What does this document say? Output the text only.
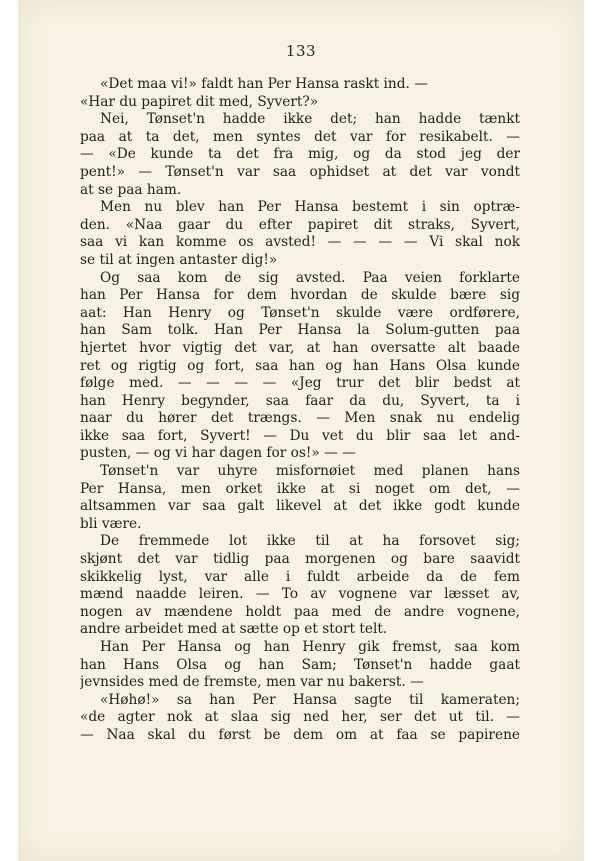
133
«Det maa vi!» faldt han Per Hansa raskt ind. —
«Har du papiret dit med, Syvert?»
Nei, Tønset'n hadde ikke det; han hadde tænkt
paa at ta det, men syntes det var for resikabelt. —
— «De kunde ta det fra mig, og da stod jeg der
pent!» — Tønset'n var saa ophidset at det var vondt
at se paa ham.
Men nu blev han Per Hansa bestemt i sin optræ-
den. «Naa gaar du efter papiret dit straks, Syvert,
saa vi kan komme os avsted! — — — — Vi skal nok
se til at ingen antaster dig!»
Og saa kom de sig avsted. Paa veien forklarte
han Per Hansa for dem hvordan de skulde bære sig
aat: Han Henry og Tønset'n skulde være ordførere,
han Sam tolk. Han Per Hansa la Solum-gutten paa
hjertet hvor vigtig det var, at han oversatte alt baade
ret og rigtig og fort, saa han og han Hans Olsa kunde
følge med. — — — — «Jeg trur det blir bedst at
han Henry begynder, saa faar da du, Syvert, ta i
naar du hører det trængs. — Men snak nu endelig
ikke saa fort, Syvert! — Du vet du blir saa let and-
pusten, — og vi har dagen for os!» — —
Tønset'n var uhyre misfornøiet med planen hans
Per Hansa, men orket ikke at si noget om det, —
altsammen var saa galt likevel at det ikke godt kunde
bli være.
De fremmede lot ikke til at ha forsovet sig;
skjønt det var tidlig paa morgenen og bare saavidt
skikkelig lyst, var alle i fuldt arbeide da de fem
mænd naadde leiren. — To av vognene var læsset av,
nogen av mændene holdt paa med de andre vognene,
andre arbeidet med at sætte op et stort telt.
Han Per Hansa og han Henry gik fremst, saa kom
han Hans Olsa og han Sam; Tønset'n hadde gaat
jevnsides med de fremste, men var nu bakerst. —
«Høhø!» sa han Per Hansa sagte til kameraten;
«de agter nok at slaa sig ned her, ser det ut til. —
— Naa skal du først be dem om at faa se papirene
